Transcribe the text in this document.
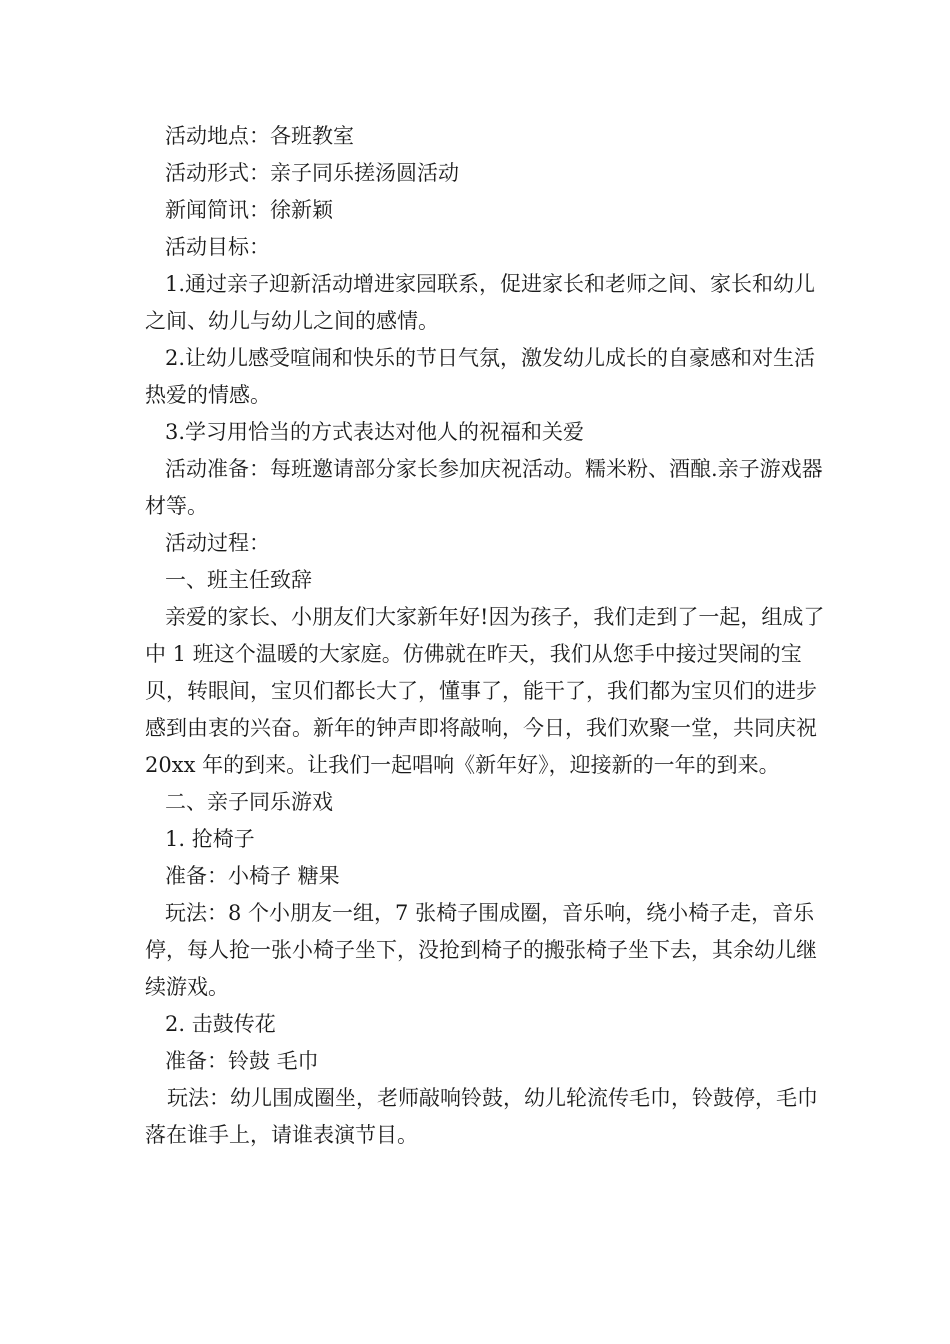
活动地点：各班教室

活动形式：亲子同乐搓汤圆活动

新闻简讯：徐新颖

活动目标：

1.通过亲子迎新活动增进家园联系，促进家长和老师之间、家长和幼儿之间、幼儿与幼儿之间的感情。

2.让幼儿感受喧闹和快乐的节日气氛，激发幼儿成长的自豪感和对生活热爱的情感。

3.学习用恰当的方式表达对他人的祝福和关爱

活动准备：每班邀请部分家长参加庆祝活动。糯米粉、酒酿.亲子游戏器材等。

活动过程：

一、班主任致辞

亲爱的家长、小朋友们大家新年好!因为孩子，我们走到了一起，组成了中 1 班这个温暖的大家庭。仿佛就在昨天，我们从您手中接过哭闹的宝贝，转眼间，宝贝们都长大了，懂事了，能干了，我们都为宝贝们的进步感到由衷的兴奋。新年的钟声即将敲响，今日，我们欢聚一堂，共同庆祝 20xx 年的到来。让我们一起唱响《新年好》，迎接新的一年的到来。

二、亲子同乐游戏

1. 抢椅子

准备：小椅子 糖果

玩法：8 个小朋友一组，7 张椅子围成圈，音乐响，绕小椅子走，音乐停，每人抢一张小椅子坐下，没抢到椅子的搬张椅子坐下去，其余幼儿继续游戏。

2. 击鼓传花

准备：铃鼓 毛巾

玩法：幼儿围成圈坐，老师敲响铃鼓，幼儿轮流传毛巾，铃鼓停，毛巾落在谁手上，请谁表演节目。
